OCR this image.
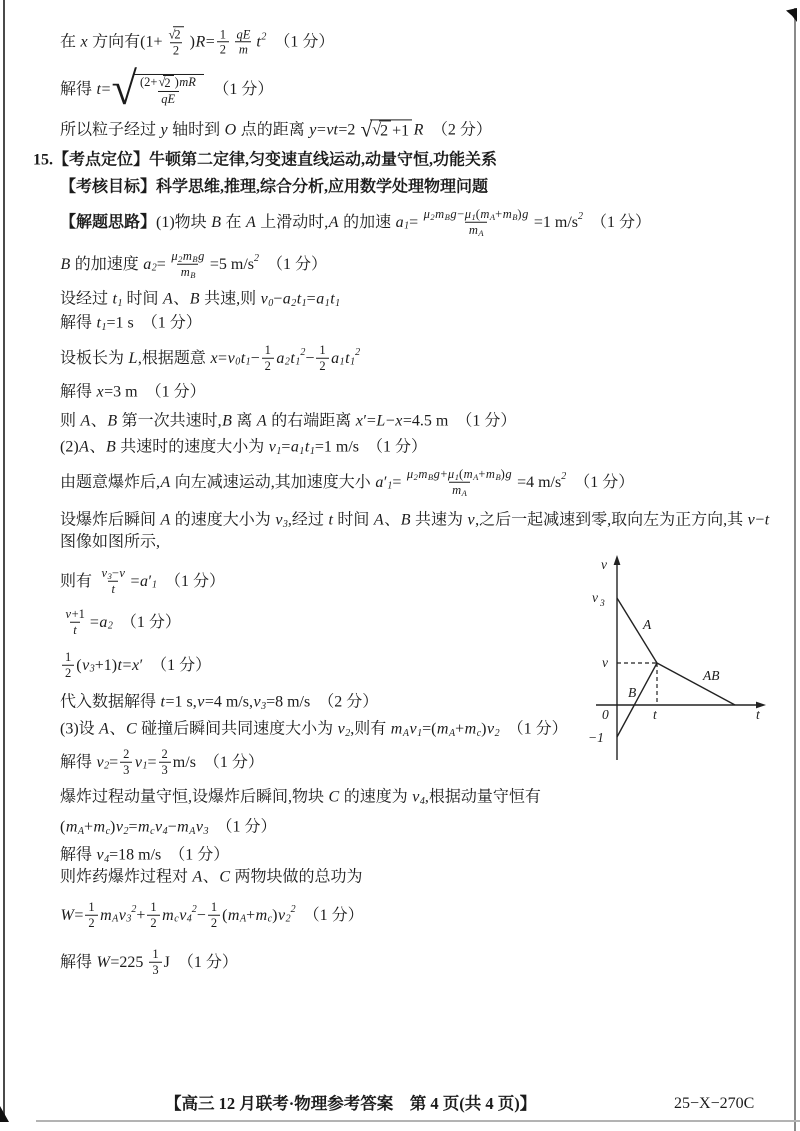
在 x 方向有($1+ \frac{√ 2}{2}$ ) $R = \frac{1}{2} \frac{qE}{m}$ t 2 　（1 分）
解得 t = √ $\frac{(2+ √ 2 ) mR}{qE}$ 　（1 分）
所以粒子经过 y 轴时到 O 点的距离 y = vt =2 √ √ 2 +1 R 　（2 分）
15.【考点定位】牛顿第二定律,匀变速直线运动,动量守恒,功能关系
【考核目标】科学思维,推理,综合分析,应用数学处理物理问题
【解题思路】 (1)物块 B 在 A 上滑动时, A 的加速 a $1 = \frac{\text{μ 2 m B g − μ 1 ( m A + m B ) g}}{\text{m A}} =1$ m/s 2 　（1 分）
B 的加速度 a $2 = \frac{\text{μ 2 m B g}}{\text{m B}} =5$ m/s 2 　（1 分）
设经过 t 1 时间 A 、 B 共速,则 v 0 − a 2 t 1 = a 1 t 1
解得 t 1 =1 s　（1 分）
设板长为 L ,根据题意 x = v 0 t $1 - \frac{1}{2}$ a 2 t 1
$2 - \frac{1}{2}$ a 1 t 1
2
解得 x =3 m　（1 分）
则 A 、 B 第一次共速时, B 离 A 的右端距离 x ′ = L − x =4.5 m　（1 分）
(2) A 、 B 共速时的速度大小为 v 1 = a 1 t 1 =1 m/s　（1 分）
由题意爆炸后, A 向左减速运动,其加速度大小 a ′ $1 = \frac{\text{μ 2 m B g + μ 1 ( m A + m B ) g}}{\text{m A}} =4$ m/s 2 　（1 分）
设爆炸后瞬间 A 的速度大小为 v 3 ,经过 t 时间 A 、 B 共速为 v ,之后一起减速到零,取向左为正方向,其 v − t
图像如图所示,
则有 $\frac{v 3 - v}{t} = a$ ′ 1 　（1 分）
$\frac{v +1}{t} = a$ 2 　（1 分）
$\frac{1}{2}$ ( v 3 +1) t = x ′ 　（1 分）
代入数据解得 t =1 s, v =4 m/s, v 3 =8 m/s　（2 分）
(3)设 A 、 C 碰撞后瞬间共同速度大小为 v 2 ,则有 m A v 1 =( m A + m c ) v 2 　（1 分）
解得 v $2 = \frac{2}{3}$ v $1 = \frac{2}{3} m/s$　（1 分）
爆炸过程动量守恒,设爆炸后瞬间,物块 C 的速度为 v 4 ,根据动量守恒有
( m A + m c ) v 2 = m c v 4 − m A v 3 　（1 分）
解得 v 4 =18 m/s　（1 分）
则炸药爆炸过程对 A 、 C 两物块做的总功为
$W = \frac{1}{2}$ m A v 3
$2 + \frac{1}{2}$ m c v 4
$2 - \frac{1}{2}$ ( m A + m c ) v 2
2 　（1 分）
解得 $W =225 \frac{1}{3}$ J　（1 分）
v
v 3
A
v
AB
B
0	t	t
−1
【高三 12 月联考·物理参考答案　第 4 页(共 4 页)】	25−X−270C
